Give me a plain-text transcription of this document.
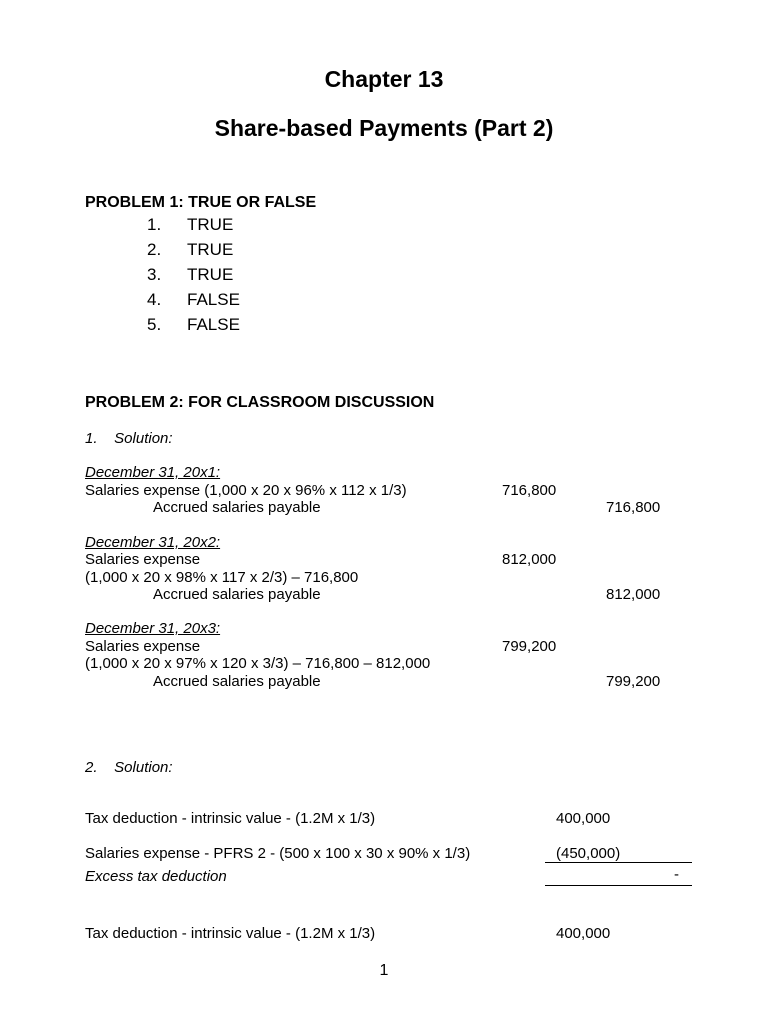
Chapter 13
Share-based Payments (Part 2)
PROBLEM 1: TRUE OR FALSE
1. TRUE
2. TRUE
3. TRUE
4. FALSE
5. FALSE
PROBLEM 2: FOR CLASSROOM DISCUSSION
1.    Solution:
December 31, 20x1:
Salaries expense (1,000 x 20 x 96% x 112 x 1/3)	716,800
Accrued salaries payable	716,800
December 31, 20x2:
Salaries expense	812,000
(1,000 x 20 x 98% x 117 x 2/3) – 716,800
Accrued salaries payable	812,000
December 31, 20x3:
Salaries expense	799,200
(1,000 x 20 x 97% x 120 x 3/3) – 716,800 – 812,000
Accrued salaries payable	799,200
2.    Solution:
Tax deduction - intrinsic value - (1.2M x 1/3)	400,000
Salaries expense - PFRS 2 - (500 x 100 x 30 x 90% x 1/3)	(450,000)
Excess tax deduction	-
Tax deduction - intrinsic value - (1.2M x 1/3)	400,000
1
